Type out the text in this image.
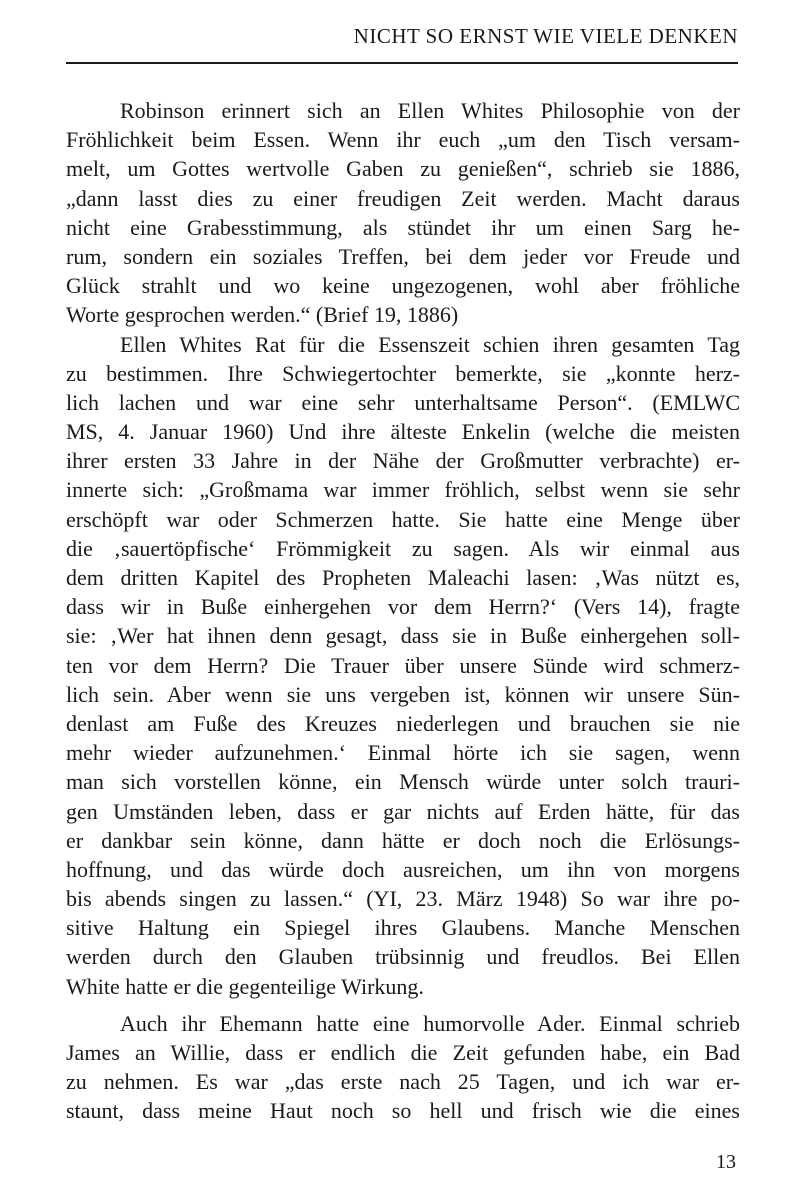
NICHT SO ERNST WIE VIELE DENKEN
Robinson erinnert sich an Ellen Whites Philosophie von der
Fröhlichkeit beim Essen. Wenn ihr euch „um den Tisch versam-
melt, um Gottes wertvolle Gaben zu genießen“, schrieb sie 1886,
„dann lasst dies zu einer freudigen Zeit werden. Macht daraus
nicht eine Grabesstimmung, als stündet ihr um einen Sarg he-
rum, sondern ein soziales Treffen, bei dem jeder vor Freude und
Glück strahlt und wo keine ungezogenen, wohl aber fröhliche
Worte gesprochen werden.“ (Brief 19, 1886)
Ellen Whites Rat für die Essenszeit schien ihren gesamten Tag
zu bestimmen. Ihre Schwiegertochter bemerkte, sie „konnte herz-
lich lachen und war eine sehr unterhaltsame Person“. (EMLWC
MS, 4. Januar 1960) Und ihre älteste Enkelin (welche die meisten
ihrer ersten 33 Jahre in der Nähe der Großmutter verbrachte) er-
innerte sich: „Großmama war immer fröhlich, selbst wenn sie sehr
erschöpft war oder Schmerzen hatte. Sie hatte eine Menge über
die ‚sauertöpfische‘ Frömmigkeit zu sagen. Als wir einmal aus
dem dritten Kapitel des Propheten Maleachi lasen: ‚Was nützt es,
dass wir in Buße einhergehen vor dem Herrn?‘ (Vers 14), fragte
sie: ‚Wer hat ihnen denn gesagt, dass sie in Buße einhergehen soll-
ten vor dem Herrn? Die Trauer über unsere Sünde wird schmerz-
lich sein. Aber wenn sie uns vergeben ist, können wir unsere Sün-
denlast am Fuße des Kreuzes niederlegen und brauchen sie nie
mehr wieder aufzunehmen.‘ Einmal hörte ich sie sagen, wenn
man sich vorstellen könne, ein Mensch würde unter solch trauri-
gen Umständen leben, dass er gar nichts auf Erden hätte, für das
er dankbar sein könne, dann hätte er doch noch die Erlösungs-
hoffnung, und das würde doch ausreichen, um ihn von morgens
bis abends singen zu lassen.“ (YI, 23. März 1948) So war ihre po-
sitive Haltung ein Spiegel ihres Glaubens. Manche Menschen
werden durch den Glauben trübsinnig und freudlos. Bei Ellen
White hatte er die gegenteilige Wirkung.
Auch ihr Ehemann hatte eine humorvolle Ader. Einmal schrieb
James an Willie, dass er endlich die Zeit gefunden habe, ein Bad
zu nehmen. Es war „das erste nach 25 Tagen, und ich war er-
staunt, dass meine Haut noch so hell und frisch wie die eines
13
